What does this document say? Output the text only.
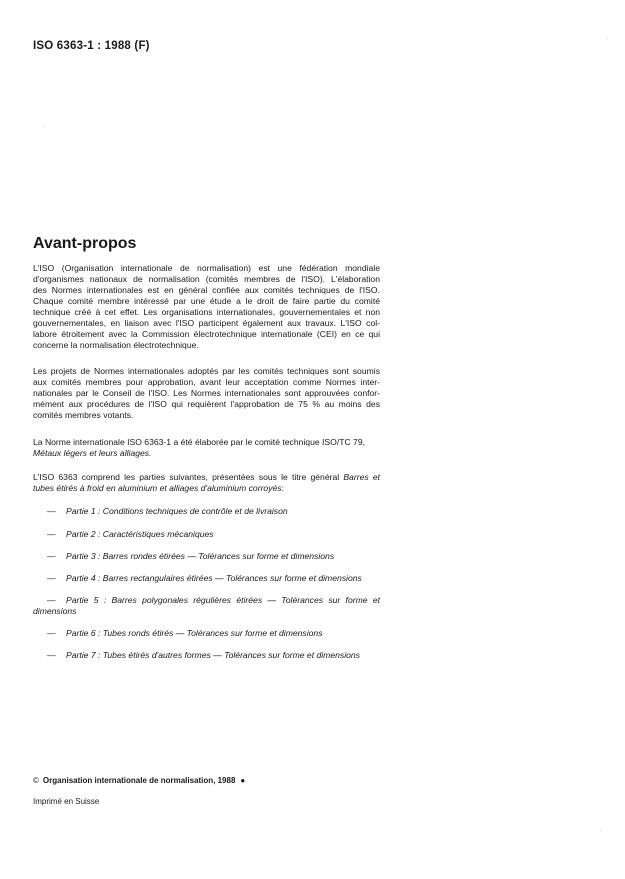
ISO 6363-1 : 1988 (F)
Avant-propos
L'ISO (Organisation internationale de normalisation) est une fédération mondiale
d'organismes nationaux de normalisation (comités membres de l'ISO). L'élaboration
des Normes internationales est en général confiée aux comités techniques de l'ISO.
Chaque comité membre intéressé par une étude a le droit de faire partie du comité
technique créé à cet effet. Les organisations internationales, gouvernementales et non
gouvernementales, en liaison avec l'ISO participent également aux travaux. L'ISO col-
labore étroitement avec la Commission électrotechnique internationale (CEI) en ce qui
concerne la normalisation électrotechnique.
Les projets de Normes internationales adoptés par les comités techniques sont soumis
aux comités membres pour approbation, avant leur acceptation comme Normes inter-
nationales par le Conseil de l'ISO. Les Normes internationales sont approuvées confor-
mément aux procédures de l'ISO qui requièrent l'approbation de 75 % au moins des
comités membres votants.
La Norme internationale ISO 6363-1 a été élaborée par le comité technique ISO/TC 79,
Métaux légers et leurs alliages.
L'ISO 6363 comprend les parties suivantes, présentées sous le titre général Barres et
tubes étirés à froid en aluminium et alliages d'aluminium corroyés:
—	Partie 1 : Conditions techniques de contrôle et de livraison
—	Partie 2 : Caractéristiques mécaniques
—	Partie 3 : Barres rondes étirées — Tolérances sur forme et dimensions
—	Partie 4 : Barres rectangulaires étirées — Tolérances sur forme et dimensions
—	Partie 5 : Barres polygonales régulières étirées — Tolérances sur forme et
dimensions
—	Partie 6 : Tubes ronds étirés — Tolérances sur forme et dimensions
—	Partie 7 : Tubes étirés d'autres formes — Tolérances sur forme et dimensions
© Organisation internationale de normalisation, 1988 ●
Imprimé en Suisse
